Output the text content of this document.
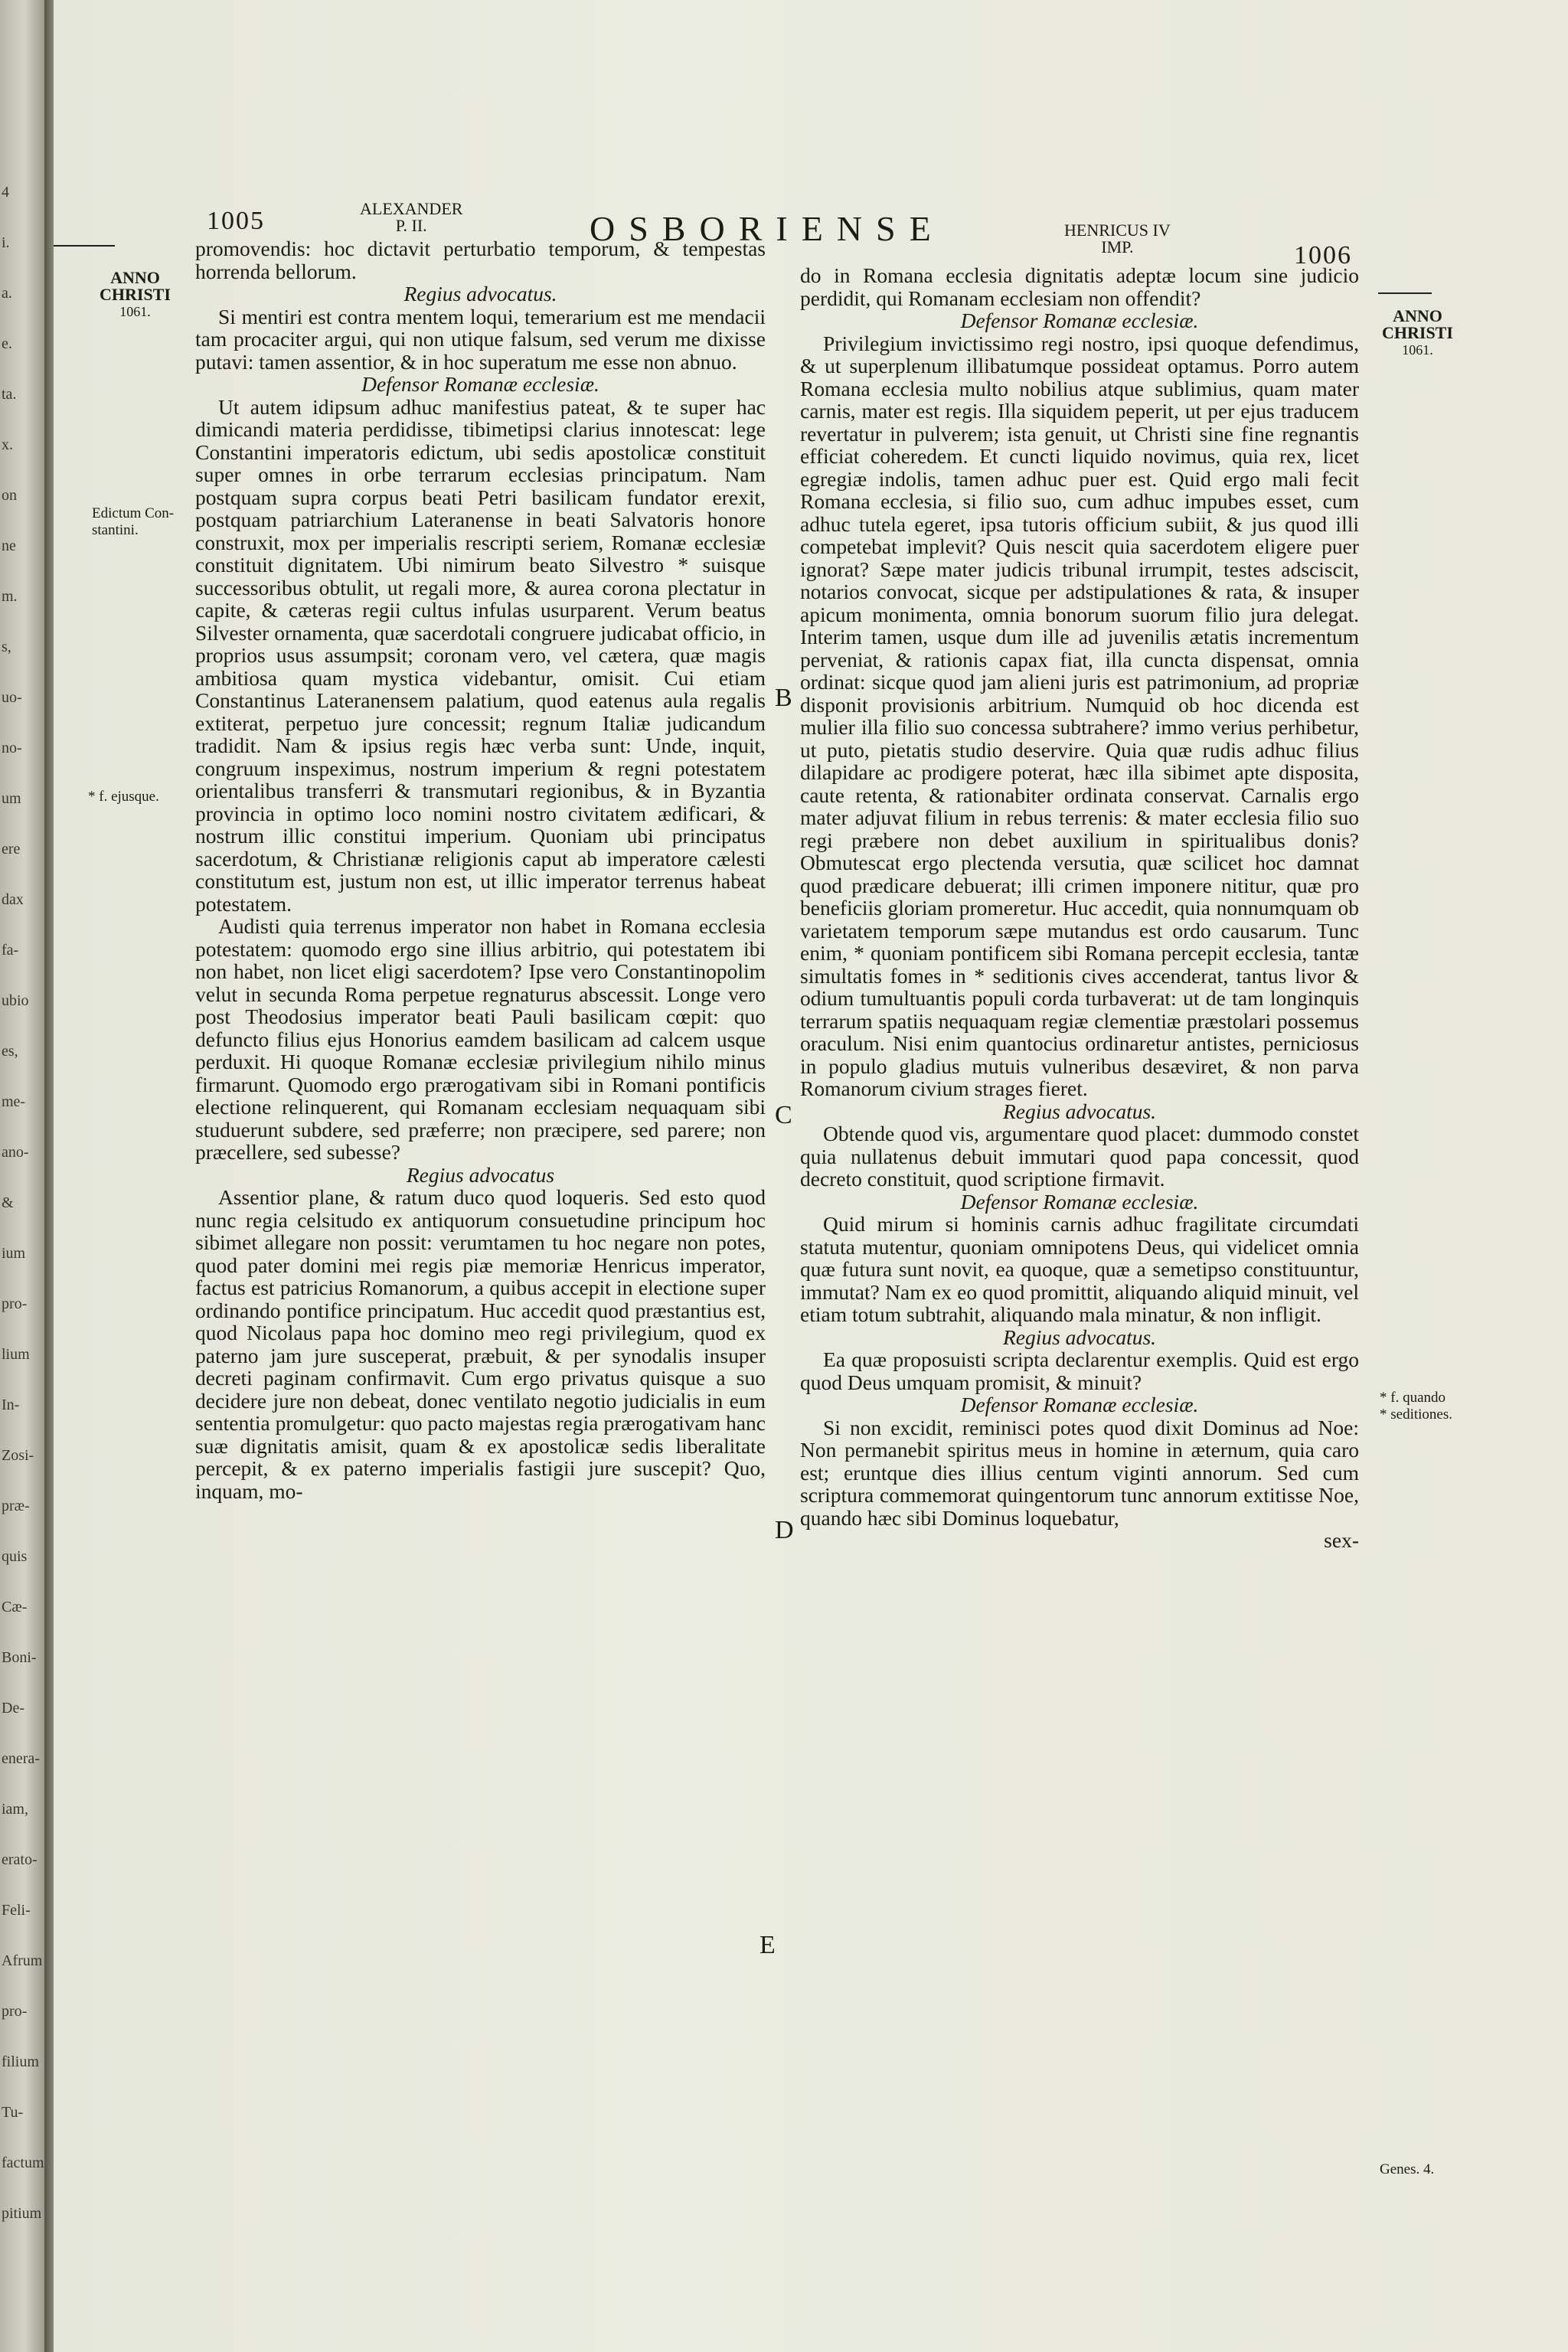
4
i.
a.
e.
ta.
x.
on
ne
m.
s,
uo-
no-
um
ere
dax
fa-
ubio
es,
me-
ano-
&
ium
pro-
lium
In-
Zosi-
præ-
quis
Cæ-
Boni-
De-
enera-
iam,
erato-
Feli-
Afrum
pro-
filium
Tu-
factum
pitium
1005	ALEXANDER
P. II.	OSBORIENSE	HENRICUS IV
IMP.	1006
ANNO
CHRISTI
1061.	ANNO
CHRISTI
1061.
Edictum Con-
stantini.
* f. ejusque.
* f. quando
* seditiones.
Genes. 4.
B
C
D
E

promovendis: hoc dictavit perturbatio temporum, & tempestas horrenda bellorum.

Regius advocatus.

Si mentiri est contra mentem loqui, temerarium est me mendacii tam procaciter argui, qui non utique falsum, sed verum me dixisse putavi: tamen assentior, & in hoc superatum me esse non abnuo.

Defensor Romanæ ecclesiæ.

Ut autem idipsum adhuc manifestius pateat, & te super hac dimicandi materia perdidisse, tibimetipsi clarius innotescat: lege Constantini imperatoris edictum, ubi sedis apostolicæ constituit super omnes in orbe terrarum ecclesias principatum. Nam postquam supra corpus beati Petri basilicam fundator erexit, postquam patriarchium Lateranense in beati Salvatoris honore construxit, mox per imperialis rescripti seriem, Romanæ ecclesiæ constituit dignitatem. Ubi nimirum beato Silvestro * suisque successoribus obtulit, ut regali more, & aurea corona plectatur in capite, & cæteras regii cultus infulas usurparent. Verum beatus Silvester ornamenta, quæ sacerdotali congruere judicabat officio, in proprios usus assumpsit; coronam vero, vel cætera, quæ magis ambitiosa quam mystica videbantur, omisit. Cui etiam Constantinus Lateranensem palatium, quod eatenus aula regalis extiterat, perpetuo jure concessit; regnum Italiæ judicandum tradidit. Nam & ipsius regis hæc verba sunt: Unde, inquit, congruum inspeximus, nostrum imperium & regni potestatem orientalibus transferri & transmutari regionibus, & in Byzantia provincia in optimo loco nomini nostro civitatem ædificari, & nostrum illic constitui imperium. Quoniam ubi principatus sacerdotum, & Christianæ religionis caput ab imperatore cælesti constitutum est, justum non est, ut illic imperator terrenus habeat potestatem.

Audisti quia terrenus imperator non habet in Romana ecclesia potestatem: quomodo ergo sine illius arbitrio, qui potestatem ibi non habet, non licet eligi sacerdotem? Ipse vero Constantinopolim velut in secunda Roma perpetue regnaturus abscessit. Longe vero post Theodosius imperator beati Pauli basilicam cœpit: quo defuncto filius ejus Honorius eamdem basilicam ad calcem usque perduxit. Hi quoque Romanæ ecclesiæ privilegium nihilo minus firmarunt. Quomodo ergo prærogativam sibi in Romani pontificis electione relinquerent, qui Romanam ecclesiam nequaquam sibi studuerunt subdere, sed præferre; non præcipere, sed parere; non præcellere, sed subesse?

Regius advocatus

Assentior plane, & ratum duco quod loqueris. Sed esto quod nunc regia celsitudo ex antiquorum consuetudine principum hoc sibimet allegare non possit: verumtamen tu hoc negare non potes, quod pater domini mei regis piæ memoriæ Henricus imperator, factus est patricius Romanorum, a quibus accepit in electione super ordinando pontifice principatum. Huc accedit quod præstantius est, quod Nicolaus papa hoc domino meo regi privilegium, quod ex paterno jam jure susceperat, præbuit, & per synodalis insuper decreti paginam confirmavit. Cum ergo privatus quisque a suo decidere jure non debeat, donec ventilato negotio judicialis in eum sententia promulgetur: quo pacto majestas regia prærogativam hanc suæ dignitatis amisit, quam & ex apostolicæ sedis liberalitate percepit, & ex paterno imperialis fastigii jure suscepit? Quo, inquam, mo-

do in Romana ecclesia dignitatis adeptæ locum sine judicio perdidit, qui Romanam ecclesiam non offendit?

Defensor Romanæ ecclesiæ.

Privilegium invictissimo regi nostro, ipsi quoque defendimus, & ut superplenum illibatumque possideat optamus. Porro autem Romana ecclesia multo nobilius atque sublimius, quam mater carnis, mater est regis. Illa siquidem peperit, ut per ejus traducem revertatur in pulverem; ista genuit, ut Christi sine fine regnantis efficiat coheredem. Et cuncti liquido novimus, quia rex, licet egregiæ indolis, tamen adhuc puer est. Quid ergo mali fecit Romana ecclesia, si filio suo, cum adhuc impubes esset, cum adhuc tutela egeret, ipsa tutoris officium subiit, & jus quod illi competebat implevit? Quis nescit quia sacerdotem eligere puer ignorat? Sæpe mater judicis tribunal irrumpit, testes adsciscit, notarios convocat, sicque per adstipulationes & rata, & insuper apicum monimenta, omnia bonorum suorum filio jura delegat. Interim tamen, usque dum ille ad juvenilis ætatis incrementum perveniat, & rationis capax fiat, illa cuncta dispensat, omnia ordinat: sicque quod jam alieni juris est patrimonium, ad propriæ disponit provisionis arbitrium. Numquid ob hoc dicenda est mulier illa filio suo concessa subtrahere? immo verius perhibetur, ut puto, pietatis studio deservire. Quia quæ rudis adhuc filius dilapidare ac prodigere poterat, hæc illa sibimet apte disposita, caute retenta, & rationabiter ordinata conservat. Carnalis ergo mater adjuvat filium in rebus terrenis: & mater ecclesia filio suo regi præbere non debet auxilium in spiritualibus donis? Obmutescat ergo plectenda versutia, quæ scilicet hoc damnat quod prædicare debuerat; illi crimen imponere nititur, quæ pro beneficiis gloriam promeretur. Huc accedit, quia nonnumquam ob varietatem temporum sæpe mutandus est ordo causarum. Tunc enim, * quoniam pontificem sibi Romana percepit ecclesia, tantæ simultatis fomes in * seditionis cives accenderat, tantus livor & odium tumultuantis populi corda turbaverat: ut de tam longinquis terrarum spatiis nequaquam regiæ clementiæ præstolari possemus oraculum. Nisi enim quantocius ordinaretur antistes, perniciosus in populo gladius mutuis vulneribus desæviret, & non parva Romanorum civium strages fieret.

Regius advocatus.

Obtende quod vis, argumentare quod placet: dummodo constet quia nullatenus debuit immutari quod papa concessit, quod decreto constituit, quod scriptione firmavit.

Defensor Romanæ ecclesiæ.

Quid mirum si hominis carnis adhuc fragilitate circumdati statuta mutentur, quoniam omnipotens Deus, qui videlicet omnia quæ futura sunt novit, ea quoque, quæ a semetipso constituuntur, immutat? Nam ex eo quod promittit, aliquando aliquid minuit, vel etiam totum subtrahit, aliquando mala minatur, & non infligit.

Regius advocatus.

Ea quæ proposuisti scripta declarentur exemplis. Quid est ergo quod Deus umquam promisit, & minuit?

Defensor Romanæ ecclesiæ.

Si non excidit, reminisci potes quod dixit Dominus ad Noe: Non permanebit spiritus meus in homine in æternum, quia caro est; eruntque dies illius centum viginti annorum. Sed cum scriptura commemorat quingentorum tunc annorum extitisse Noe, quando hæc sibi Dominus loquebatur,

sex-
